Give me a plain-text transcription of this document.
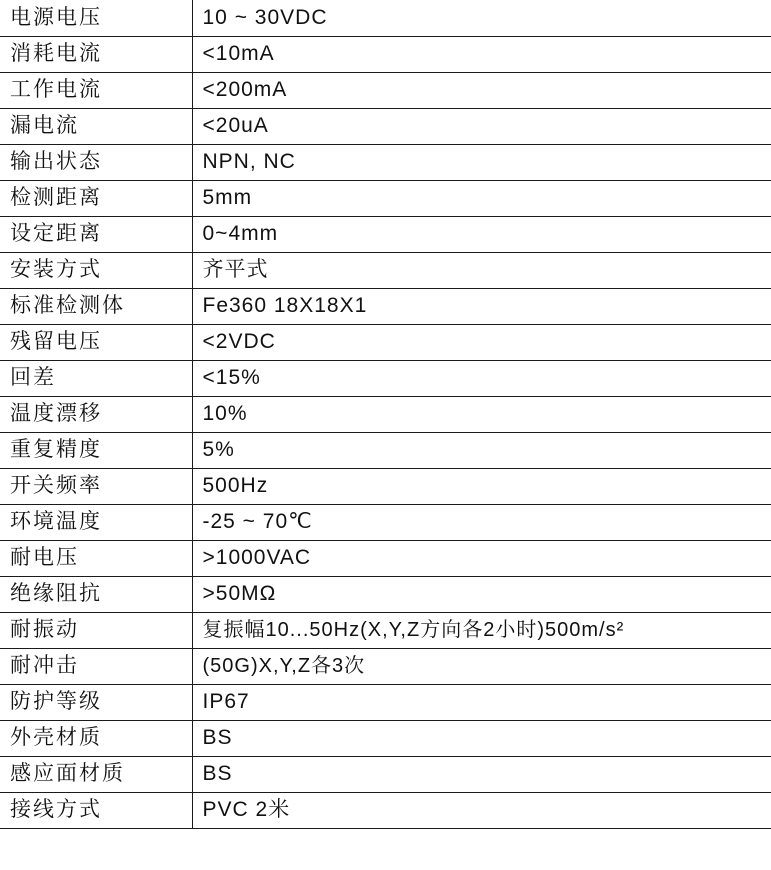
电源电压	10 ~ 30VDC
消耗电流	<10mA
工作电流	<200mA
漏电流	<20uA
输出状态	NPN, NC
检测距离	5mm
设定距离	0~4mm
安装方式	齐平式
标准检测体	Fe360 18X18X1
残留电压	<2VDC
回差	<15%
温度漂移	10%
重复精度	5%
开关频率	500Hz
环境温度	-25 ~ 70℃
耐电压	>1000VAC
绝缘阻抗	>50MΩ
耐振动	复振幅10...50Hz(X,Y,Z方向各2小时)500m/s²
耐冲击	(50G)X,Y,Z各3次
防护等级	IP67
外壳材质	BS
感应面材质	BS
接线方式	PVC 2米
